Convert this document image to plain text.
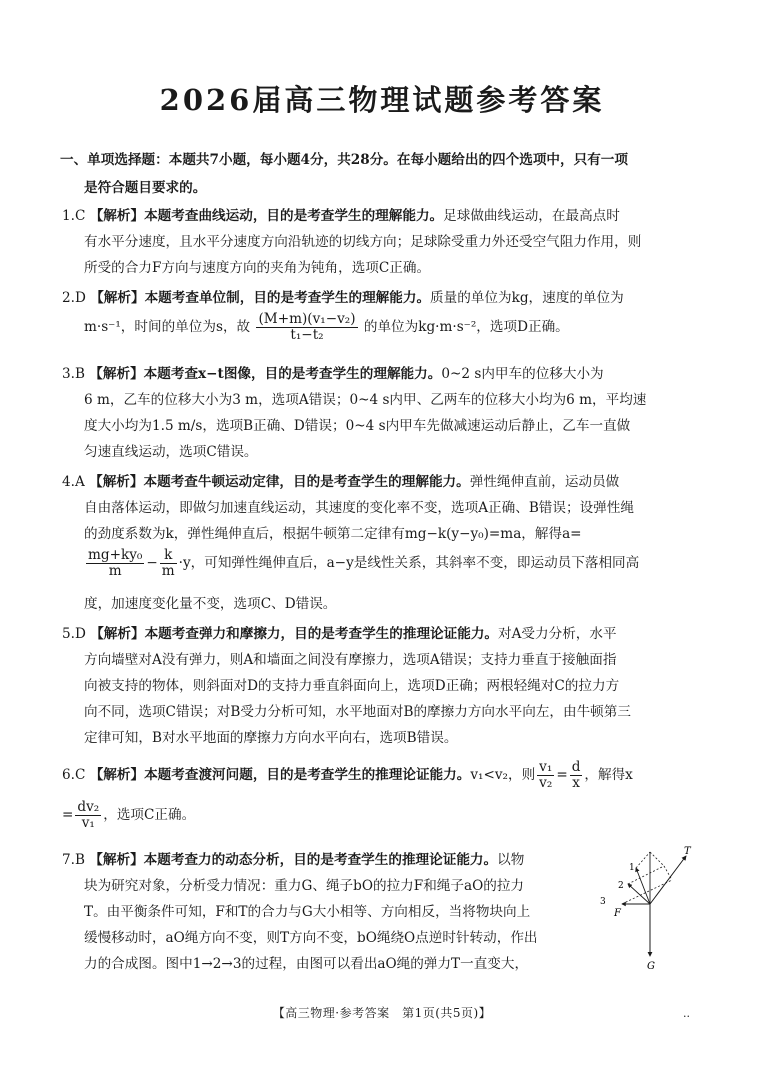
2026届高三物理试题参考答案
一、单项选择题：本题共7小题，每小题4分，共28分。在每小题给出的四个选项中，只有一项
是符合题目要求的。
1.C 【解析】本题考查曲线运动，目的是考查学生的理解能力。足球做曲线运动，在最高点时
有水平分速度，且水平分速度方向沿轨迹的切线方向；足球除受重力外还受空气阻力作用，则
所受的合力F方向与速度方向的夹角为钝角，选项C正确。
2.D 【解析】本题考查单位制，目的是考查学生的理解能力。质量的单位为kg，速度的单位为
m·s⁻¹，时间的单位为s，故 $\frac{\text{(M+m)(v₁−v₂)}}{\text{t₁−t₂}}$ 的单位为kg·m·s⁻²，选项D正确。
3.B 【解析】本题考查x−t图像，目的是考查学生的理解能力。0~2 s内甲车的位移大小为
6 m，乙车的位移大小为3 m，选项A错误；0~4 s内甲、乙两车的位移大小均为6 m，平均速
度大小均为1.5 m/s，选项B正确、D错误；0~4 s内甲车先做减速运动后静止，乙车一直做
匀速直线运动，选项C错误。
4.A 【解析】本题考查牛顿运动定律，目的是考查学生的理解能力。弹性绳伸直前，运动员做
自由落体运动，即做匀加速直线运动，其速度的变化率不变，选项A正确、B错误；设弹性绳
的劲度系数为k，弹性绳伸直后，根据牛顿第二定律有mg−k(y−y₀)=ma，解得a=
$\frac{\text{mg+ky₀}}{m} - \frac{k}{m} \cdot y$，可知弹性绳伸直后，a−y是线性关系，其斜率不变，即运动员下落相同高
度，加速度变化量不变，选项C、D错误。
5.D 【解析】本题考查弹力和摩擦力，目的是考查学生的推理论证能力。对A受力分析，水平
方向墙壁对A没有弹力，则A和墙面之间没有摩擦力，选项A错误；支持力垂直于接触面指
向被支持的物体，则斜面对D的支持力垂直斜面向上，选项D正确；两根轻绳对C的拉力方
向不同，选项C错误；对B受力分析可知，水平地面对B的摩擦力方向水平向左，由牛顿第三
定律可知，B对水平地面的摩擦力方向水平向右，选项B错误。
6.C 【解析】本题考查渡河问题，目的是考查学生的推理论证能力。v₁<v₂，则 $\frac{\text{v₁}}{\text{v₂}} = \frac{d}{x}$ ，解得x
= $\frac{\text{dv₂}}{\text{v₁}}$ ，选项C正确。
7.B 【解析】本题考查力的动态分析，目的是考查学生的推理论证能力。以物
块为研究对象，分析受力情况：重力G、绳子bO的拉力F和绳子aO的拉力
T。由平衡条件可知，F和T的合力与G大小相等、方向相反，当将物块向上
缓慢移动时，aO绳方向不变，则T方向不变，bO绳绕O点逆时针转动，作出
力的合成图。图中1→2→3的过程，由图可以看出aO绳的弹力T一直变大，
T
1
2
3
F
G
【高三物理·参考答案　第1页(共5页)】	..
